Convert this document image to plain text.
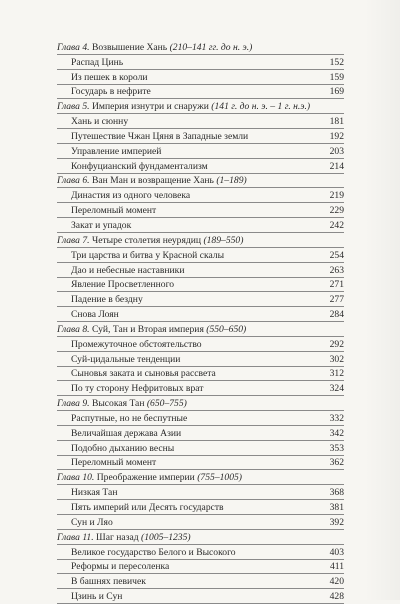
Глава 4. Возвышение Хань (210–141 гг. до н. э.)
Распад Цинь	152
Из пешек в короли	159
Государь в нефрите	169
Глава 5. Империя изнутри и снаружи (141 г. до н. э. – 1 г. н.э.)
Хань и сюнну	181
Путешествие Чжан Цяня в Западные земли	192
Управление империей	203
Конфуцианский фундаментализм	214
Глава 6. Ван Ман и возвращение Хань (1–189)
Династия из одного человека	219
Переломный момент	229
Закат и упадок	242
Глава 7. Четыре столетия неурядиц (189–550)
Три царства и битва у Красной скалы	254
Дао и небесные наставники	263
Явление Просветленного	271
Падение в бездну	277
Снова Лоян	284
Глава 8. Суй, Тан и Вторая империя (550–650)
Промежуточное обстоятельство	292
Суй-цидальные тенденции	302
Сыновья заката и сыновья рассвета	312
По ту сторону Нефритовых врат	324
Глава 9. Высокая Тан (650–755)
Распутные, но не беспутные	332
Величайшая держава Азии	342
Подобно дыханию весны	353
Переломный момент	362
Глава 10. Преображение империи (755–1005)
Низкая Тан	368
Пять империй или Десять государств	381
Сун и Ляо	392
Глава 11. Шаг назад (1005–1235)
Великое государство Белого и Высокого	403
Реформы и пересоленка	411
В башнях певичек	420
Цзинь и Сун	428
